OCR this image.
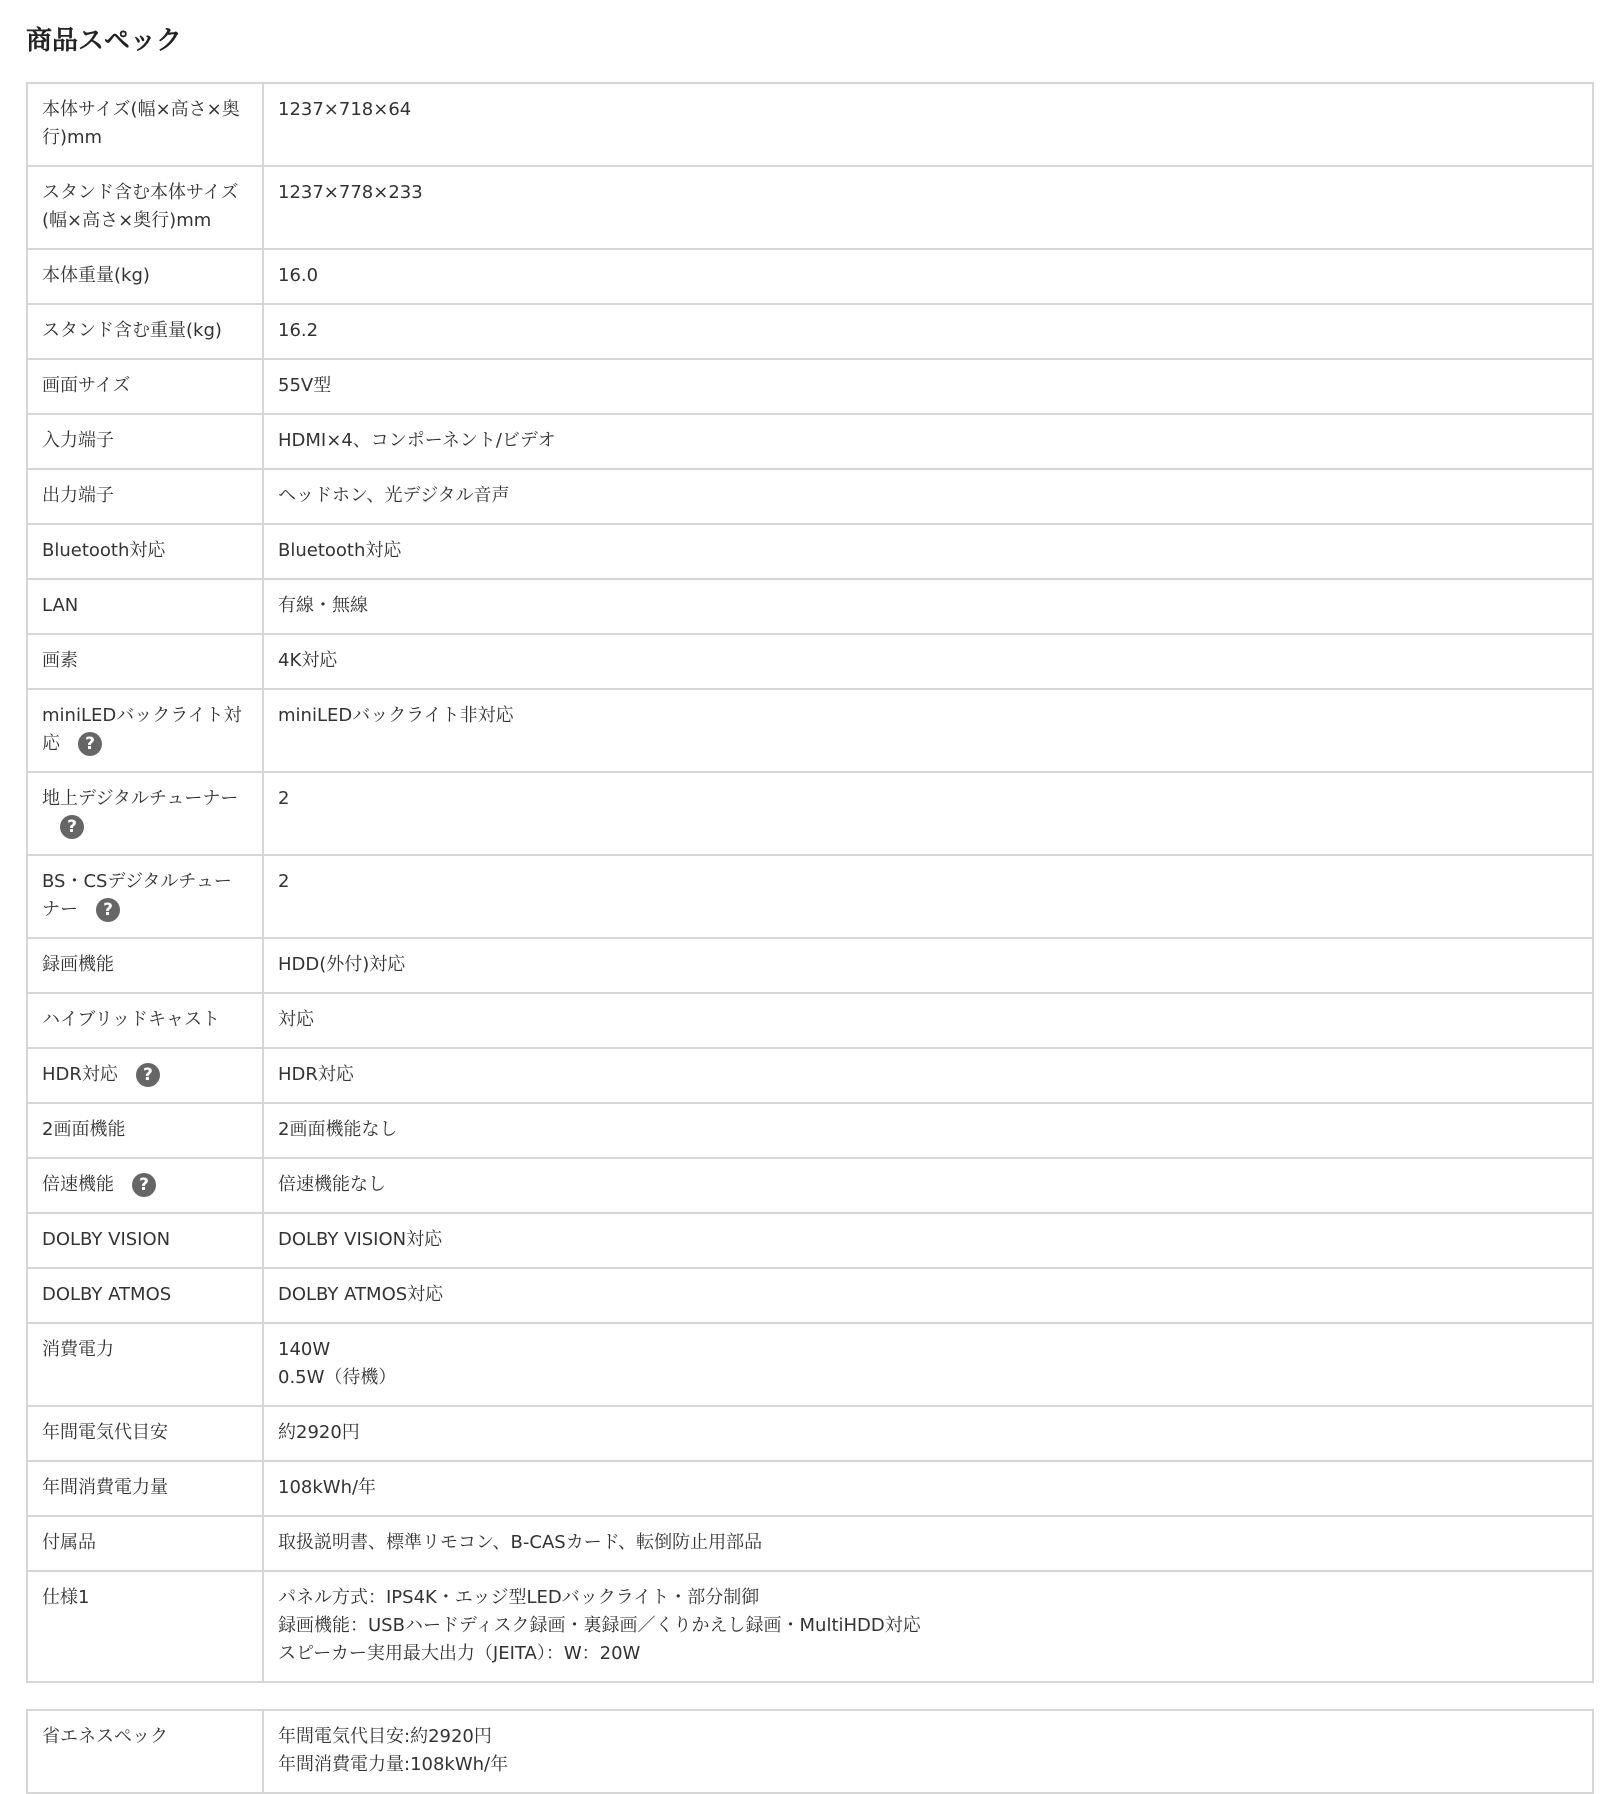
商品スペック
本体サイズ(幅×高さ×奥行)mm	1237×718×64

スタンド含む本体サイズ(幅×高さ×奥行)mm	1237×778×233

本体重量(kg)	16.0

スタンド含む重量(kg)	16.2

画面サイズ	55V型

入力端子	HDMI×4、コンポーネント/ビデオ

出力端子	ヘッドホン、光デジタル音声

Bluetooth対応	Bluetooth対応

LAN	有線・無線

画素	4K対応

miniLEDバックライト対応 ?	miniLEDバックライト非対応

地上デジタルチューナー?	2

BS・CSデジタルチューナー ?	2

録画機能	HDD(外付)対応

ハイブリッドキャスト	対応

HDR対応 ?	HDR対応

2画面機能	2画面機能なし

倍速機能 ?	倍速機能なし

DOLBY VISION	DOLBY VISION対応

DOLBY ATMOS	DOLBY ATMOS対応

消費電力	140W
0.5W（待機）

年間電気代目安	約2920円

年間消費電力量	108kWh/年

付属品	取扱説明書、標準リモコン、B-CASカード、転倒防止用部品

仕様1	パネル方式：IPS4K・エッジ型LEDバックライト・部分制御
録画機能：USBハードディスク録画・裏録画／くりかえし録画・MultiHDD対応
スピーカー実用最大出力（JEITA）：W：20W
省エネスペック	年間電気代目安:約2920円
年間消費電力量:108kWh/年
